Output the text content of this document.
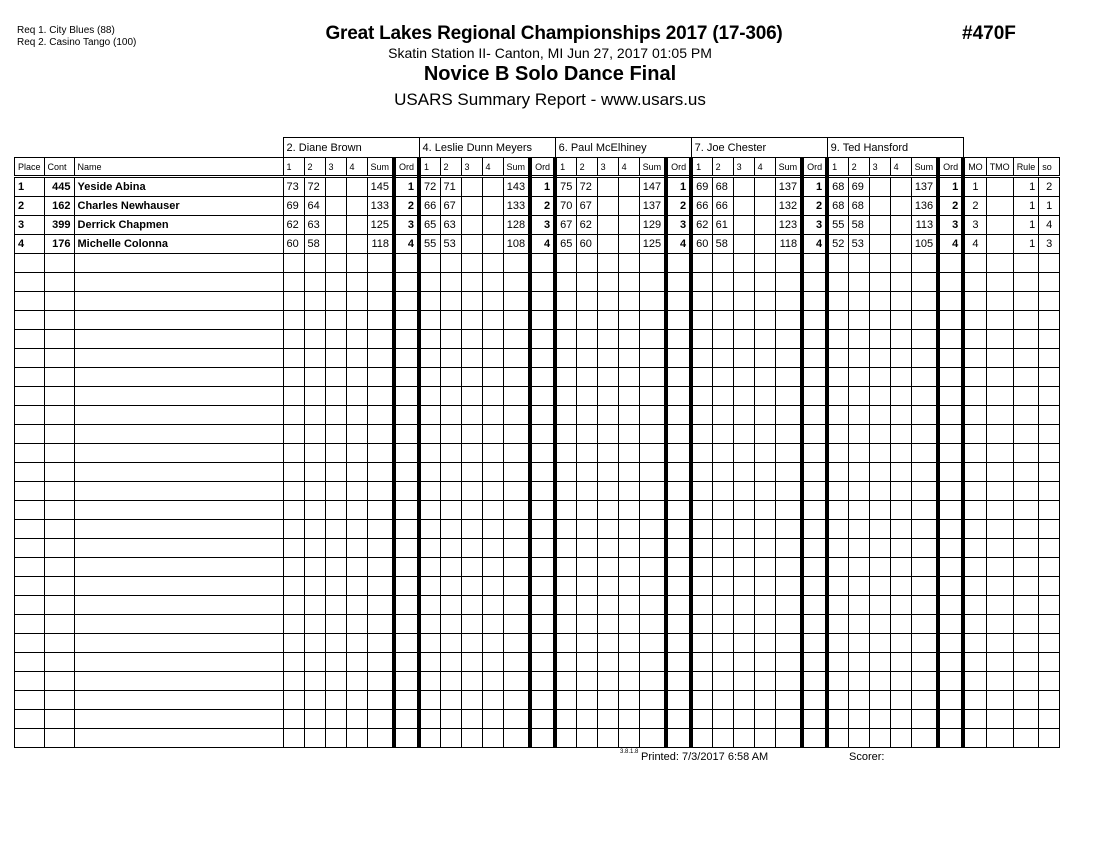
Req 1. City Blues (88)
Req 2. Casino Tango (100)	Great Lakes Regional Championships 2017 (17-306)
Skatin Station II- Canton, MI Jun 27, 2017 01:05 PM
Novice B Solo Dance Final
USARS Summary Report - www.usars.us
#470F
			2. Diane Brown						4. Leslie Dunn Meyers						6. Paul McElhiney						7. Joe Chester						9. Ted Hansford									
Place	Cont	Name	1	2	3	4	Sum	Ord	1	2	3	4	Sum	Ord	1	2	3	4	Sum	Ord	1	2	3	4	Sum	Ord	1	2	3	4	Sum	Ord	MO	TMO	Rule	so
1	445	Yeside Abina	73	72			145	1	72	71			143	1	75	72			147	1	69	68			137	1	68	69			137	1	1		1	2
2	162	Charles Newhauser	69	64			133	2	66	67			133	2	70	67			137	2	66	66			132	2	68	68			136	2	2		1	1
3	399	Derrick Chapmen	62	63			125	3	65	63			128	3	67	62			129	3	62	61			123	3	55	58			113	3	3		1	4
4	176	Michelle Colonna	60	58			118	4	55	53			108	4	65	60			125	4	60	58			118	4	52	53			105	4	4		1	3

3.8.1.8 Printed: 7/3/2017 6:58 AM	Scorer:
